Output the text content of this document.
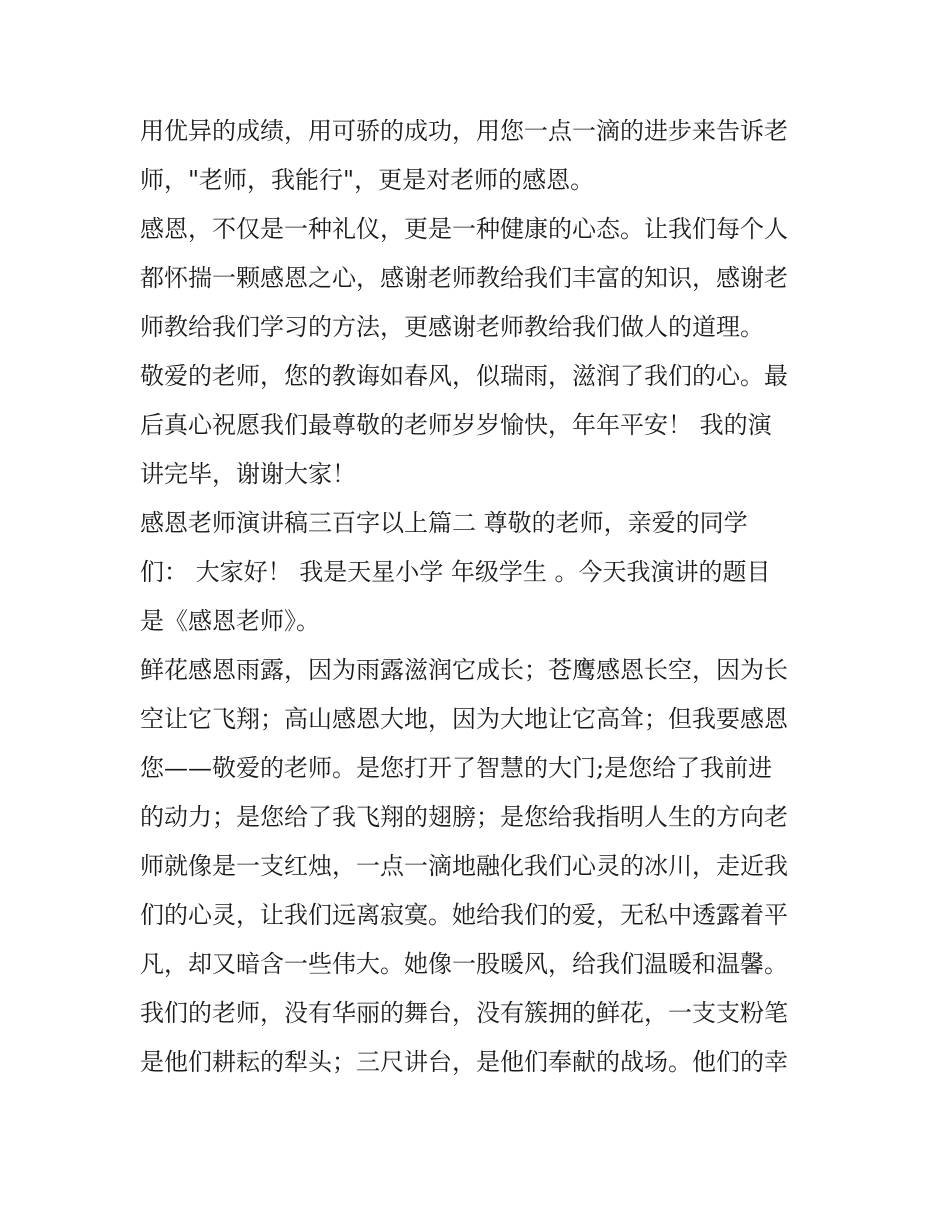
用优异的成绩，用可骄的成功，用您一点一滴的进步来告诉老
师，"老师，我能行"，更是对老师的感恩。
感恩，不仅是一种礼仪，更是一种健康的心态。让我们每个人
都怀揣一颗感恩之心，感谢老师教给我们丰富的知识，感谢老
师教给我们学习的方法，更感谢老师教给我们做人的道理。
敬爱的老师，您的教诲如春风，似瑞雨，滋润了我们的心。最
后真心祝愿我们最尊敬的老师岁岁愉快，年年平安！ 我的演
讲完毕，谢谢大家！
感恩老师演讲稿三百字以上篇二 尊敬的老师，亲爱的同学
们： 大家好！ 我是天星小学 年级学生 。今天我演讲的题目
是《感恩老师》。
鲜花感恩雨露，因为雨露滋润它成长；苍鹰感恩长空，因为长
空让它飞翔；高山感恩大地，因为大地让它高耸；但我要感恩
您——敬爱的老师。是您打开了智慧的大门;是您给了我前进
的动力；是您给了我飞翔的翅膀；是您给我指明人生的方向老
师就像是一支红烛，一点一滴地融化我们心灵的冰川，走近我
们的心灵，让我们远离寂寞。她给我们的爱，无私中透露着平
凡，却又暗含一些伟大。她像一股暖风，给我们温暖和温馨。
我们的老师，没有华丽的舞台，没有簇拥的鲜花，一支支粉笔
是他们耕耘的犁头；三尺讲台，是他们奉献的战场。他们的幸
